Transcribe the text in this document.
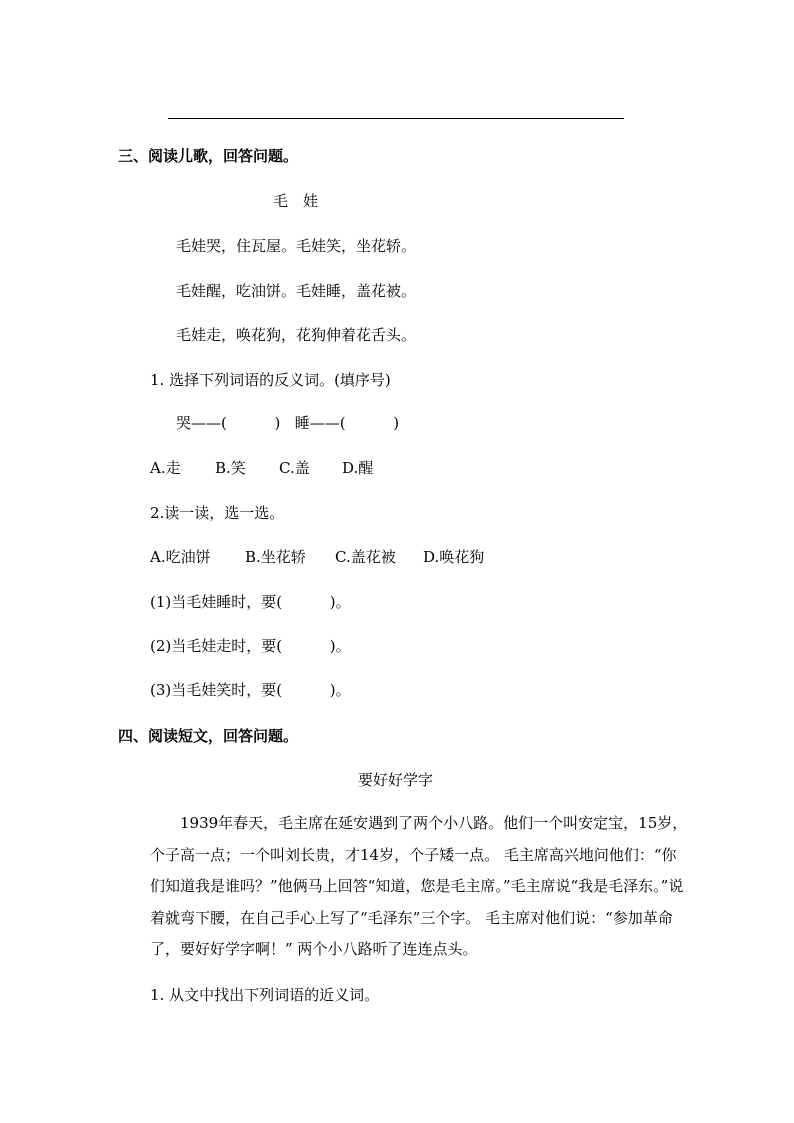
三、阅读儿歌，回答问题。
毛　娃
毛娃哭，住瓦屋。毛娃笑，坐花轿。
毛娃醒，吃油饼。毛娃睡，盖花被。
毛娃走，唤花狗，花狗伸着花舌头。
1. 选择下列词语的反义词。(填序号)
哭——(          )   睡——(          )
A.走 B.笑 C.盖 D.醒
2.读一读，选一选。
A.吃油饼 B.坐花轿 C.盖花被 D.唤花狗
(1)当毛娃睡时，要(          )。
(2)当毛娃走时，要(          )。
(3)当毛娃笑时，要(          )。
四、阅读短文，回答问题。
要好好学字

1939年春天，毛主席在延安遇到了两个小八路。他们一个叫安定宝，15岁，个子高一点；一个叫刘长贵，才14岁，个子矮一点。 毛主席高兴地问他们：“你们知道我是谁吗？”他俩马上回答“知道，您是毛主席。”毛主席说“我是毛泽东。”说着就弯下腰，在自己手心上写了“毛泽东”三个字。 毛主席对他们说：“参加革命了，要好好学字啊！” 两个小八路听了连连点头。

1. 从文中找出下列词语的近义词。
